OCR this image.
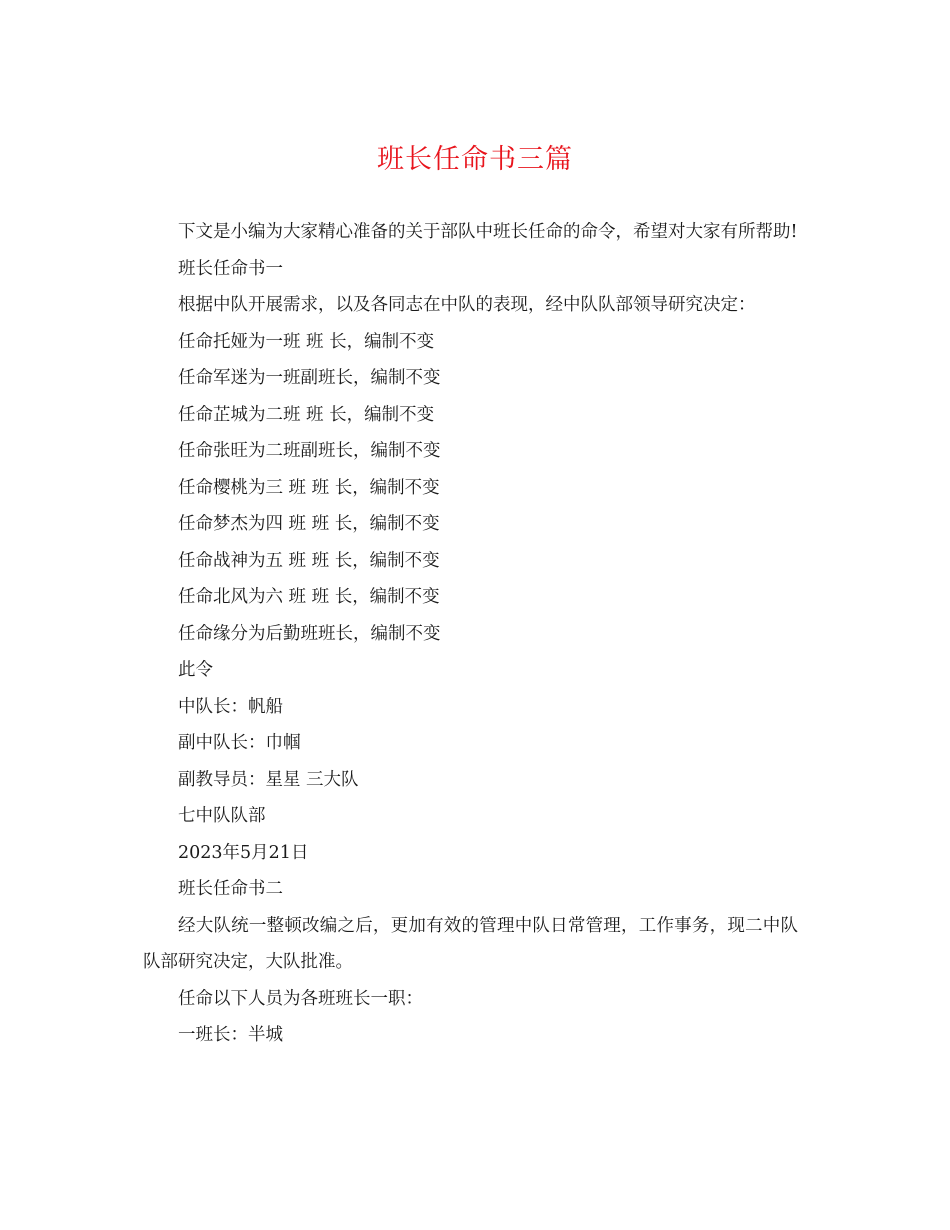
班长任命书三篇

下文是小编为大家精心准备的关于部队中班长任命的命令，希望对大家有所帮助!

班长任命书一

根据中队开展需求，以及各同志在中队的表现，经中队队部领导研究决定：

任命托娅为一班 班 长，编制不变

任命军迷为一班副班长，编制不变

任命芷城为二班 班 长，编制不变

任命张旺为二班副班长，编制不变

任命樱桃为三 班 班 长，编制不变

任命梦杰为四 班 班 长，编制不变

任命战神为五 班 班 长，编制不变

任命北风为六 班 班 长，编制不变

任命缘分为后勤班班长，编制不变

此令

中队长：帆船

副中队长：巾帼

副教导员：星星 三大队

七中队队部

2023年5月21日

班长任命书二

经大队统一整顿改编之后，更加有效的管理中队日常管理，工作事务，现二中队队部研究决定，大队批准。

任命以下人员为各班班长一职：

一班长：半城
